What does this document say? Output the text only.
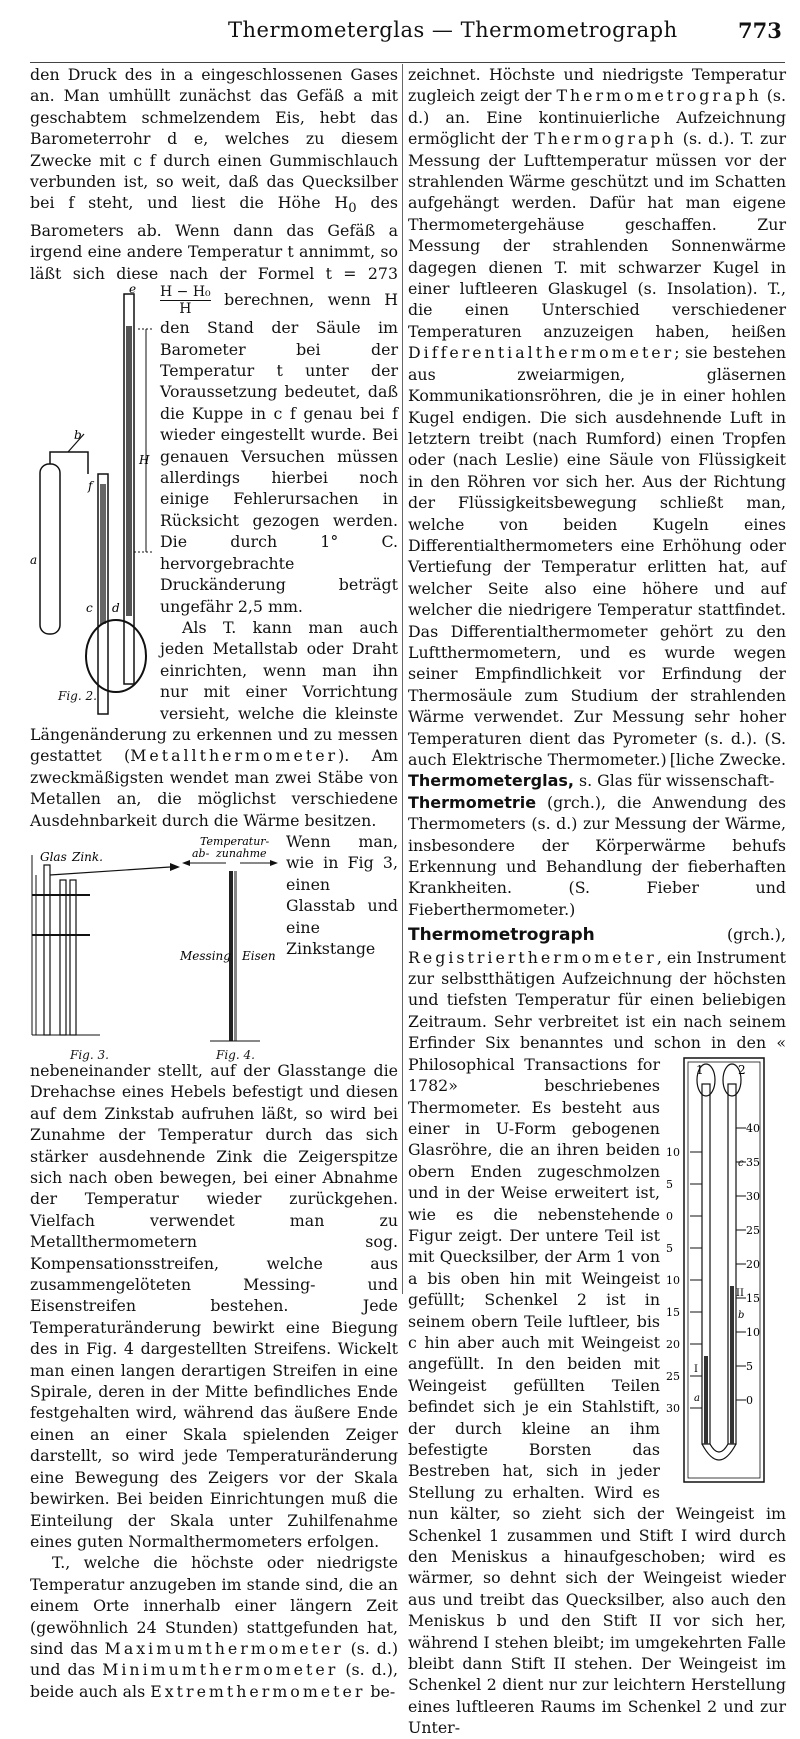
Thermometerglas — Thermometrograph	773

den Druck des in a eingeschlossenen Gases an. Man umhüllt zunächst das Gefäß a mit geschabtem schmelzendem Eis, hebt das Barometerrohr d e, welches zu diesem Zwecke mit c f durch einen Gummischlauch verbunden ist, so weit, daß das Quecksilber bei f steht, und liest die Höhe $H_0$ des Barometers ab. Wenn dann das Gefäß a irgend eine andere Temperatur t annimmt, so läßt sich diese nach der Formel t =
e
H
b
f
a
c d
Fig. 2.
273
$\frac{\text{H − H₀}}{H}$ berechnen, wenn H den Stand der Säule im Barometer bei der Temperatur t unter der Voraussetzung bedeutet, daß die Kuppe in c f genau bei f wieder eingestellt wurde. Bei genauen Versuchen müssen allerdings hierbei noch einige Fehlerursachen in Rücksicht gezogen werden. Die durch 1° C. hervorgebrachte Druckänderung beträgt ungefähr 2,5 mm.

Als T. kann man auch jeden Metallstab oder Draht einrichten, wenn man ihn nur mit einer Vorrichtung versieht, welche die kleinste Längenänderung zu erkennen und zu messen gestattet (Metallthermometer). Am zweckmäßigsten wendet man zwei Stäbe von Metallen an, die möglichst verschiedene Ausdehnbarkeit durch die Wärme besitzen.

Glas Zink.
Temperatur-
ab- zunahme
Messing Eisen
Fig. 3.	Fig. 4.
Wenn man, wie in Fig 3, einen Glasstab und eine Zinkstange nebeneinander stellt, auf der Glasstange die Drehachse eines Hebels befestigt und diesen auf dem Zinkstab aufruhen läßt, so wird bei Zunahme der Temperatur durch das sich stärker ausdehnende Zink die Zeigerspitze sich nach oben bewegen, bei einer Abnahme der Temperatur wieder zurückgehen. Vielfach verwendet man zu Metallthermometern sog. Kompensationsstreifen, welche aus zusammengelöteten Messing- und Eisenstreifen bestehen. Jede Temperaturänderung bewirkt eine Biegung des in Fig. 4 dargestellten Streifens. Wickelt man einen langen derartigen Streifen in eine Spirale, deren in der Mitte befindliches Ende festgehalten wird, während das äußere Ende einen an einer Skala spielenden Zeiger darstellt, so wird jede Temperaturänderung eine Bewegung des Zeigers vor der Skala bewirken. Bei beiden Einrichtungen muß die Einteilung der Skala unter Zuhilfenahme eines guten Normalthermometers erfolgen.

T., welche die höchste oder niedrigste Temperatur anzugeben im stande sind, die an einem Orte innerhalb einer längern Zeit (gewöhnlich 24 Stunden) stattgefunden hat, sind das Maximumthermometer (s. d.) und das Minimumthermometer (s. d.), beide auch als Extremthermometer be-

zeichnet. Höchste und niedrigste Temperatur zugleich zeigt der Thermometrograph (s. d.) an. Eine kontinuierliche Aufzeichnung ermöglicht der Thermograph (s. d.). T. zur Messung der Lufttemperatur müssen vor der strahlenden Wärme geschützt und im Schatten aufgehängt werden. Dafür hat man eigene Thermometergehäuse geschaffen. Zur Messung der strahlenden Sonnenwärme dagegen dienen T. mit schwarzer Kugel in einer luftleeren Glaskugel (s. Insolation). T., die einen Unterschied verschiedener Temperaturen anzuzeigen haben, heißen Differentialthermometer; sie bestehen aus zweiarmigen, gläsernen Kommunikationsröhren, die je in einer hohlen Kugel endigen. Die sich ausdehnende Luft in letztern treibt (nach Rumford) einen Tropfen oder (nach Leslie) eine Säule von Flüssigkeit in den Röhren vor sich her. Aus der Richtung der Flüssigkeitsbewegung schließt man, welche von beiden Kugeln eines Differentialthermometers eine Erhöhung oder Vertiefung der Temperatur erlitten hat, auf welcher Seite also eine höhere und auf welcher die niedrigere Temperatur stattfindet. Das Differentialthermometer gehört zu den Luftthermometern, und es wurde wegen seiner Empfindlichkeit vor Erfindung der Thermosäule zum Studium der strahlenden Wärme verwendet. Zur Messung sehr hoher Temperaturen dient das Pyrometer (s. d.). (S. auch Elektrische Thermometer.) [liche Zwecke.

Thermometerglas, s. Glas für wissenschaft-

Thermometrie (grch.), die Anwendung des Thermometers (s. d.) zur Messung der Wärme, insbesondere der Körperwärme behufs Erkennung und Behandlung der fieberhaften Krankheiten. (S. Fieber und Fieberthermometer.)

Thermometrograph (grch.), Registrierthermometer, ein Instrument zur selbstthätigen Aufzeichnung der höchsten und tiefsten Temperatur für einen beliebigen Zeitraum. Sehr verbreitet ist ein nach seinem Erfinder Six benanntes und schon in den «
1	2
I
II
a
b
c
10
5
0
5
10
15
20
25
30
40
35
30
25
20
15
10
5
0
Philosophical Transactions for 1782» beschriebenes Thermometer. Es besteht aus einer in U-Form gebogenen Glasröhre, die an ihren beiden obern Enden zugeschmolzen und in der Weise erweitert ist, wie es die nebenstehende Figur zeigt. Der untere Teil ist mit Quecksilber, der Arm 1 von a bis oben hin mit Weingeist gefüllt; Schenkel 2 ist in seinem obern Teile luftleer, bis c hin aber auch mit Weingeist angefüllt. In den beiden mit Weingeist gefüllten Teilen befindet sich je ein Stahlstift, der durch kleine an ihm befestigte Borsten das Bestreben hat, sich in jeder Stellung zu erhalten. Wird es nun kälter, so zieht sich der Weingeist im Schenkel 1 zusammen und Stift I wird durch den Meniskus a hinaufgeschoben; wird es wärmer, so dehnt sich der Weingeist wieder aus und treibt das Quecksilber, also auch den Meniskus b und den Stift II vor sich her, während I stehen bleibt; im umgekehrten Falle bleibt dann Stift II stehen. Der Weingeist im Schenkel 2 dient nur zur leichtern Herstellung eines luftleeren Raums im Schenkel 2 und zur Unter-
